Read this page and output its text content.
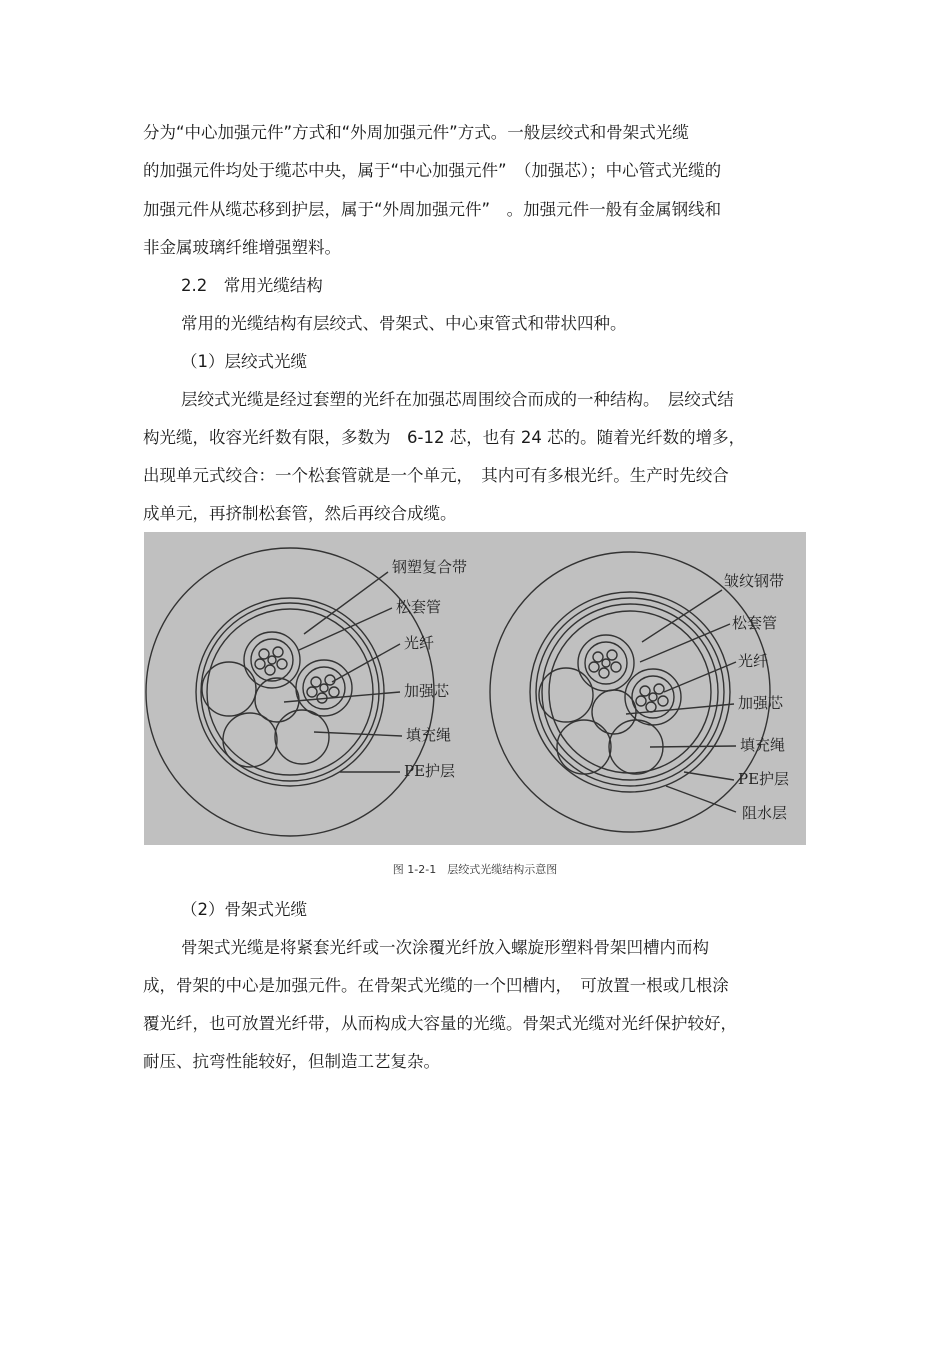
分为“中心加强元件”方式和“外周加强元件”方式。一般层绞式和骨架式光缆
的加强元件均处于缆芯中央，属于“中心加强元件”　（加强芯）；中心管式光缆的
加强元件从缆芯移到护层，属于“外周加强元件”　。加强元件一般有金属钢线和
非金属玻璃纤维增强塑料。
2.2　常用光缆结构
常用的光缆结构有层绞式、骨架式、中心束管式和带状四种。
（1）层绞式光缆
层绞式光缆是经过套塑的光纤在加强芯周围绞合而成的一种结构。　层绞式结
构光缆，收容光纤数有限，多数为　6-12 芯，也有 24 芯的。随着光纤数的增多，
出现单元式绞合：一个松套管就是一个单元，　其内可有多根光纤。生产时先绞合
成单元，再挤制松套管，然后再绞合成缆。
钢塑复合带
松套管
光纤
加强芯
填充绳
PE护层
皱纹钢带
松套管
光纤
加强芯
填充绳
PE护层
阻水层
图 1-2-1　层绞式光缆结构示意图
（2）骨架式光缆
骨架式光缆是将紧套光纤或一次涂覆光纤放入螺旋形塑料骨架凹槽内而构
成，骨架的中心是加强元件。在骨架式光缆的一个凹槽内，　可放置一根或几根涂
覆光纤，也可放置光纤带，从而构成大容量的光缆。骨架式光缆对光纤保护较好，
耐压、抗弯性能较好，但制造工艺复杂。
